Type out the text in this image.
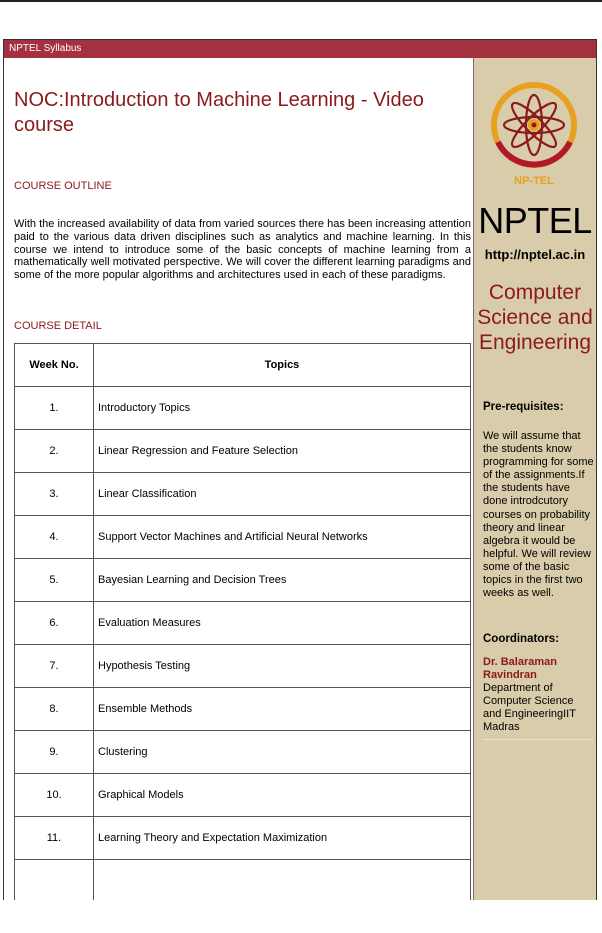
NPTEL Syllabus
NOC:Introduction to Machine Learning - Video course
COURSE OUTLINE
With the increased availability of data from varied sources there has been increasing attention paid to the various data driven disciplines such as analytics and machine learning. In this course we intend to introduce some of the basic concepts of machine learning from a mathematically well motivated perspective. We will cover the different learning paradigms and some of the more popular algorithms and architectures used in each of these paradigms.
COURSE DETAIL
Week No.	Topics
1.	Introductory Topics
2.	Linear Regression and Feature Selection
3.	Linear Classification
4.	Support Vector Machines and Artificial Neural Networks
5.	Bayesian Learning and Decision Trees
6.	Evaluation Measures
7.	Hypothesis Testing
8.	Ensemble Methods
9.	Clustering
10.	Graphical Models
11.	Learning Theory and Expectation Maximization

NP-TEL
NPTEL
http://nptel.ac.in
Computer Science and Engineering
Pre-requisites:
We will assume that the students know programming for some of the assignments.If the students have done introdcutory courses on probability theory and linear algebra it would be helpful. We will review some of the basic topics in the first two weeks as well.
Coordinators:
Dr. Balaraman Ravindran
Department of Computer Science and EngineeringIIT Madras
